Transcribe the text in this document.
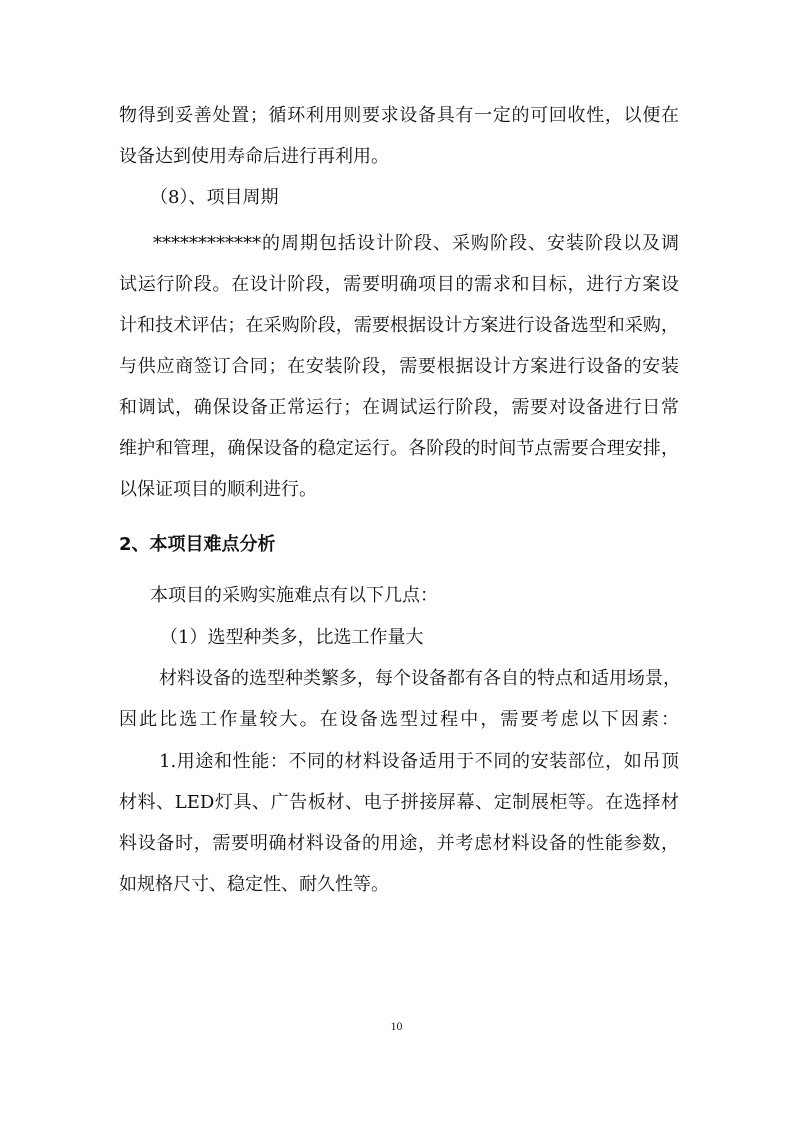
物得到妥善处置；循环利用则要求设备具有一定的可回收性，以便在
设备达到使用寿命后进行再利用。
（8）、项目周期
************的周期包括设计阶段、采购阶段、安装阶段以及调
试运行阶段。在设计阶段，需要明确项目的需求和目标，进行方案设
计和技术评估；在采购阶段，需要根据设计方案进行设备选型和采购，
与供应商签订合同；在安装阶段，需要根据设计方案进行设备的安装
和调试，确保设备正常运行；在调试运行阶段，需要对设备进行日常
维护和管理，确保设备的稳定运行。各阶段的时间节点需要合理安排，
以保证项目的顺利进行。
2、本项目难点分析
本项目的采购实施难点有以下几点：
（1）选型种类多，比选工作量大
材料设备的选型种类繁多，每个设备都有各自的特点和适用场景，
因此比选工作量较大。在设备选型过程中，需要考虑以下因素：
1.用途和性能：不同的材料设备适用于不同的安装部位，如吊顶
材料、LED灯具、广告板材、电子拼接屏幕、定制展柜等。在选择材
料设备时，需要明确材料设备的用途，并考虑材料设备的性能参数，
如规格尺寸、稳定性、耐久性等。
10
